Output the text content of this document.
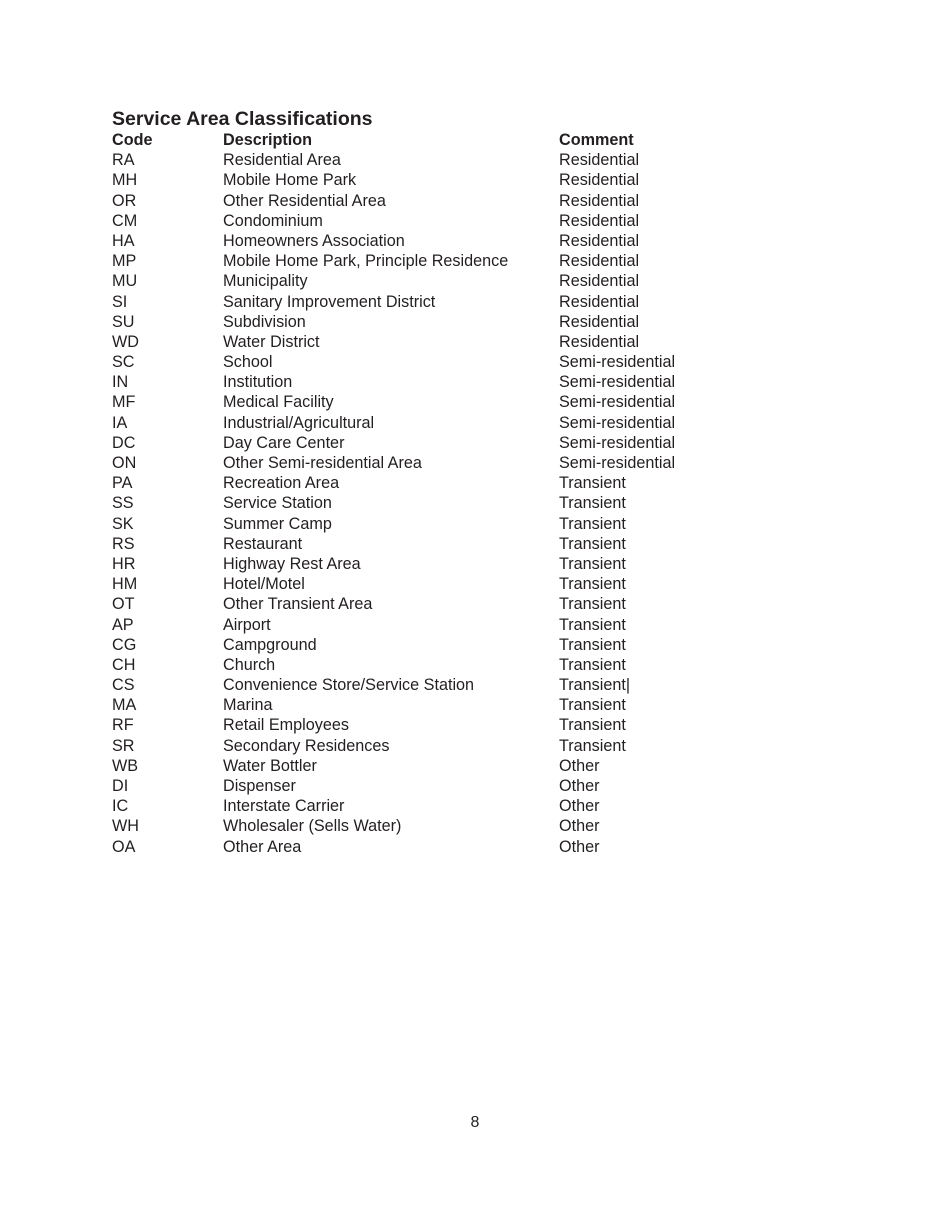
Service Area Classifications
Code	Description	Comment
RA	Residential Area	Residential
MH	Mobile Home Park	Residential
OR	Other Residential Area	Residential
CM	Condominium	Residential
HA	Homeowners Association	Residential
MP	Mobile Home Park, Principle Residence	Residential
MU	Municipality	Residential
SI	Sanitary Improvement District	Residential
SU	Subdivision	Residential
WD	Water District	Residential
SC	School	Semi-residential
IN	Institution	Semi-residential
MF	Medical Facility	Semi-residential
IA	Industrial/Agricultural	Semi-residential
DC	Day Care Center	Semi-residential
ON	Other Semi-residential Area	Semi-residential
PA	Recreation Area	Transient
SS	Service Station	Transient
SK	Summer Camp	Transient
RS	Restaurant	Transient
HR	Highway Rest Area	Transient
HM	Hotel/Motel	Transient
OT	Other Transient Area	Transient
AP	Airport	Transient
CG	Campground	Transient
CH	Church	Transient
CS	Convenience Store/Service Station	Transient|
MA	Marina	Transient
RF	Retail Employees	Transient
SR	Secondary Residences	Transient
WB	Water Bottler	Other
DI	Dispenser	Other
IC	Interstate Carrier	Other
WH	Wholesaler (Sells Water)	Other
OA	Other Area	Other
8
